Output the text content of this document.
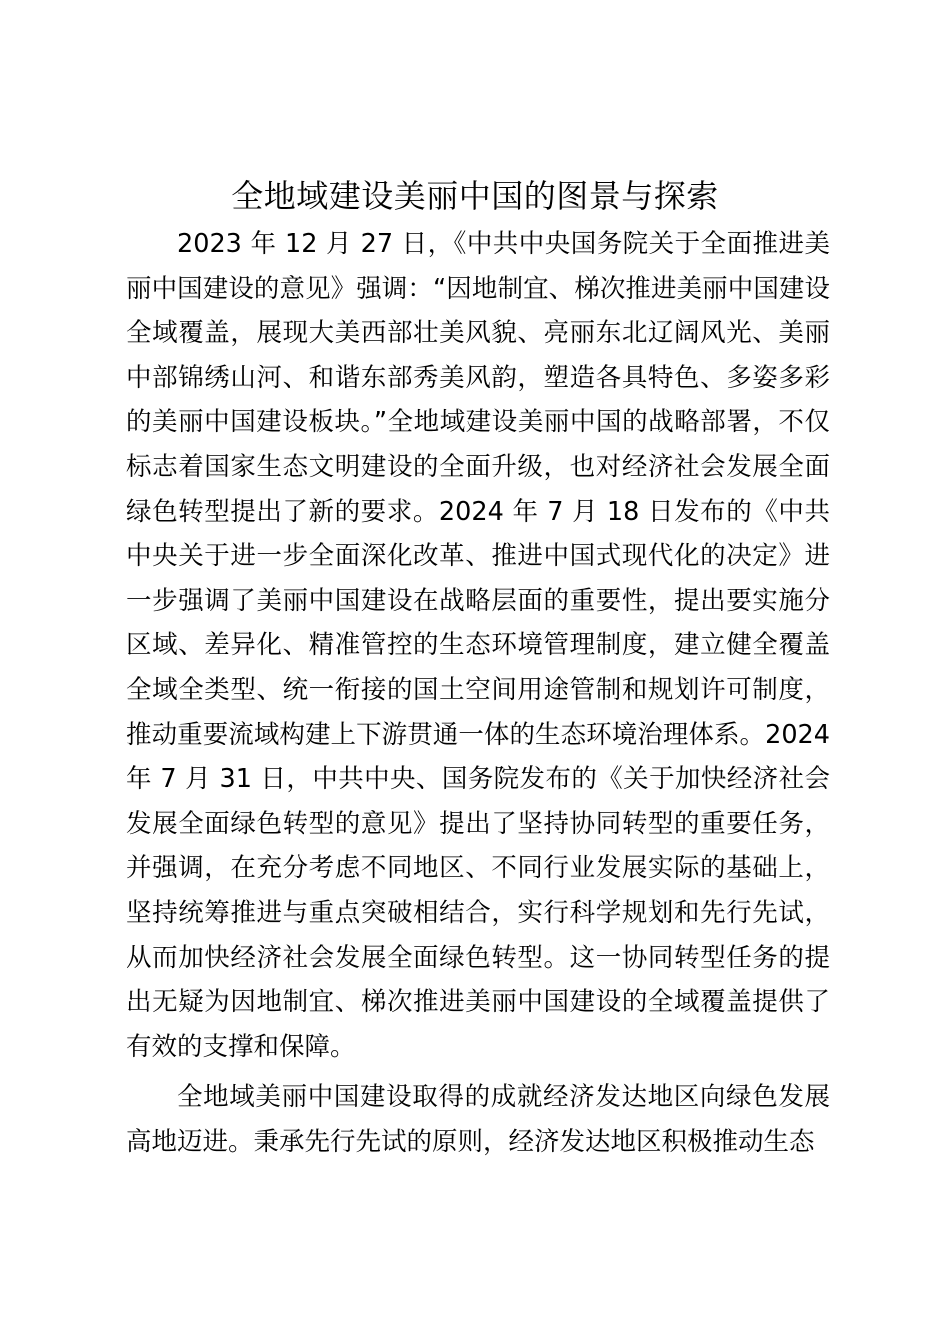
全地域建设美丽中国的图景与探索

2023 年 12 月 27 日，《中共中央国务院关于全面推进美丽中国建设的意见》强调：“因地制宜、梯次推进美丽中国建设全域覆盖，展现大美西部壮美风貌、亮丽东北辽阔风光、美丽中部锦绣山河、和谐东部秀美风韵，塑造各具特色、多姿多彩的美丽中国建设板块。”全地域建设美丽中国的战略部署，不仅标志着国家生态文明建设的全面升级，也对经济社会发展全面绿色转型提出了新的要求。2024 年 7 月 18 日发布的《中共中央关于进一步全面深化改革、推进中国式现代化的决定》进一步强调了美丽中国建设在战略层面的重要性，提出要实施分区域、差异化、精准管控的生态环境管理制度，建立健全覆盖全域全类型、统一衔接的国土空间用途管制和规划许可制度，推动重要流域构建上下游贯通一体的生态环境治理体系。2024 年 7 月 31 日，中共中央、国务院发布的《关于加快经济社会发展全面绿色转型的意见》提出了坚持协同转型的重要任务，并强调，在充分考虑不同地区、不同行业发展实际的基础上，坚持统筹推进与重点突破相结合，实行科学规划和先行先试，从而加快经济社会发展全面绿色转型。这一协同转型任务的提出无疑为因地制宜、梯次推进美丽中国建设的全域覆盖提供了有效的支撑和保障。

全地域美丽中国建设取得的成就经济发达地区向绿色发展高地迈进。秉承先行先试的原则，经济发达地区积极推动生态
